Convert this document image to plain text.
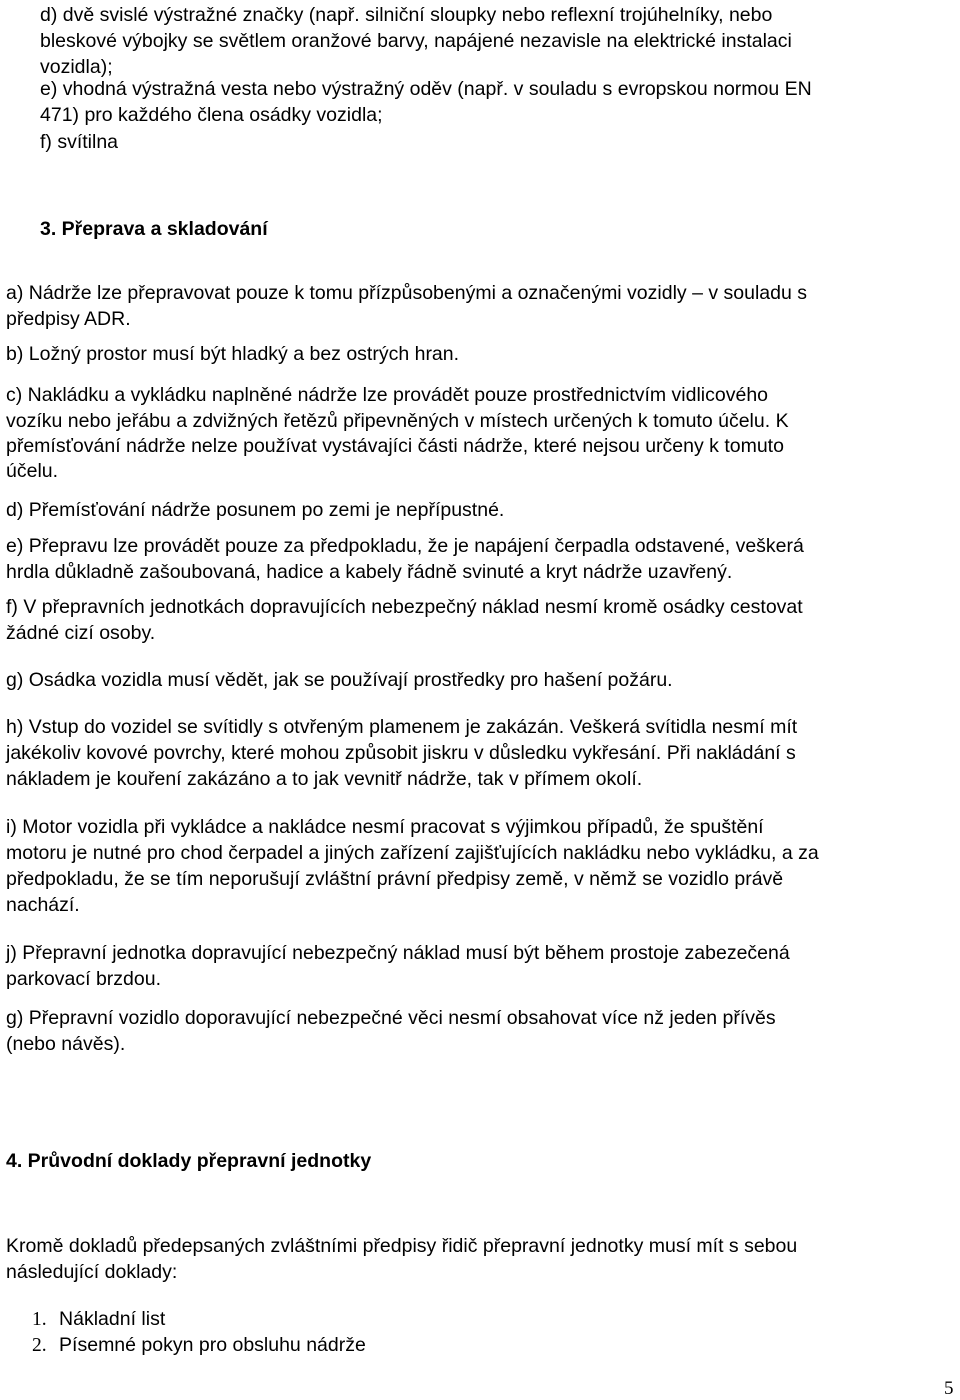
d) dvě svislé výstražné značky (např. silniční sloupky nebo reflexní trojúhelníky, nebo

bleskové výbojky se světlem oranžové barvy, napájené nezavisle na elektrické instalaci

vozidla);

e) vhodná výstražná vesta nebo výstražný oděv (např. v souladu s evropskou normou EN

471) pro každého člena osádky vozidla;

f) svítilna

3. Přeprava a skladování

a) Nádrže lze přepravovat pouze k tomu přízpůsobenými a označenými vozidly – v souladu s

předpisy ADR.

b) Ložný prostor musí být hladký a bez ostrých hran.

c) Nakládku a vykládku naplněné nádrže lze provádět pouze prostřednictvím vidlicového

vozíku nebo jeřábu a zdvižných řetězů připevněných v místech určených k tomuto účelu. K

přemísťování nádrže nelze používat vystávajíci části nádrže, které nejsou určeny k tomuto

účelu.

d) Přemísťování nádrže posunem po zemi je nepřípustné.

e) Přepravu lze provádět pouze za předpokladu, že je napájení čerpadla odstavené, veškerá

hrdla důkladně zašoubovaná, hadice a kabely řádně svinuté a kryt nádrže uzavřený.

f) V přepravních jednotkách dopravujících nebezpečný náklad nesmí kromě osádky cestovat

žádné cizí osoby.

g) Osádka vozidla musí vědět, jak se používají prostředky pro hašení požáru.

h) Vstup do vozidel se svítidly s otvřeným plamenem je zakázán. Veškerá svítidla nesmí mít

jakékoliv kovové povrchy, které mohou způsobit jiskru v důsledku vykřesání. Při nakládání s

nákladem je kouření zakázáno a to jak vevnitř nádrže, tak v přímem okolí.

i) Motor vozidla při vykládce a nakládce nesmí pracovat s výjimkou případů, že spuštění

motoru je nutné pro chod čerpadel a jiných zařízení zajišťujících nakládku nebo vykládku, a za

předpokladu, že se tím neporušují zvláštní právní předpisy země, v němž se vozidlo právě

nachází.

j) Přepravní jednotka dopravující nebezpečný náklad musí být během prostoje zabezečená

parkovací brzdou.

g) Přepravní vozidlo doporavující nebezpečné věci nesmí obsahovat více nž jeden přívěs

(nebo návěs).

4. Průvodní doklady přepravní jednotky

Kromě dokladů předepsaných zvláštními předpisy řidič přepravní jednotky musí mít s sebou

následující doklady:

1. Nákladní list
2. Písemné pokyn pro obsluhu nádrže

5
